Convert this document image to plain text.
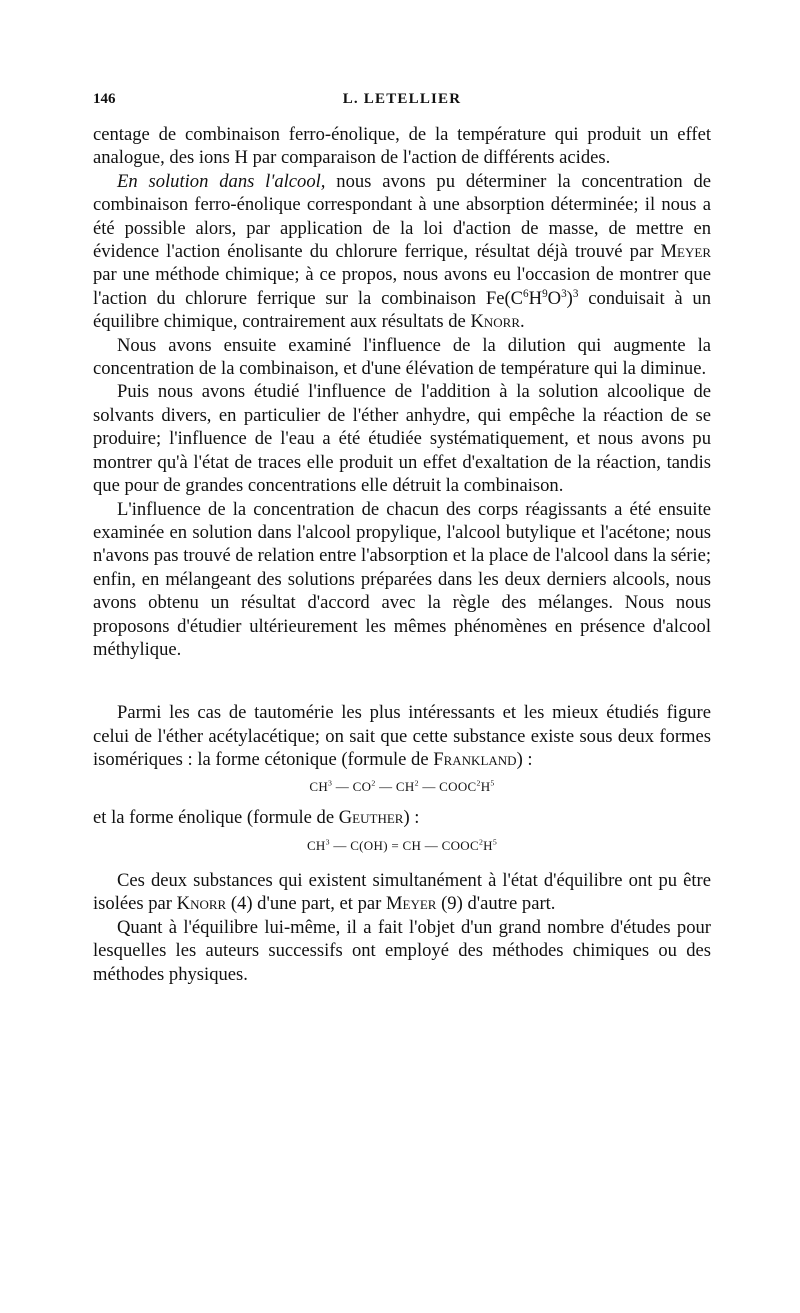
146	L. LETELLIER

centage de combinaison ferro-énolique, de la température qui produit un effet analogue, des ions H par comparaison de l'action de différents acides.

En solution dans l'alcool, nous avons pu déterminer la concentration de combinaison ferro-énolique correspondant à une absorption déterminée; il nous a été possible alors, par application de la loi d'action de masse, de mettre en évidence l'action énolisante du chlorure ferrique, résultat déjà trouvé par Meyer par une méthode chimique; à ce propos, nous avons eu l'occasion de montrer que l'action du chlorure ferrique sur la combinaison $Fe(C^6H^9O^3)^3$ conduisait à un équilibre chimique, contrairement aux résultats de Knorr.

Nous avons ensuite examiné l'influence de la dilution qui augmente la concentration de la combinaison, et d'une élévation de température qui la diminue.

Puis nous avons étudié l'influence de l'addition à la solution alcoolique de solvants divers, en particulier de l'éther anhydre, qui empêche la réaction de se produire; l'influence de l'eau a été étudiée systématiquement, et nous avons pu montrer qu'à l'état de traces elle produit un effet d'exaltation de la réaction, tandis que pour de grandes concentrations elle détruit la combinaison.

L'influence de la concentration de chacun des corps réagissants a été ensuite examinée en solution dans l'alcool propylique, l'alcool butylique et l'acétone; nous n'avons pas trouvé de relation entre l'absorption et la place de l'alcool dans la série; enfin, en mélangeant des solutions préparées dans les deux derniers alcools, nous avons obtenu un résultat d'accord avec la règle des mélanges. Nous nous proposons d'étudier ultérieurement les mêmes phénomènes en présence d'alcool méthylique.

Parmi les cas de tautomérie les plus intéressants et les mieux étudiés figure celui de l'éther acétylacétique; on sait que cette substance existe sous deux formes isomériques : la forme cétonique (formule de Frankland) :

$CH^3$ — $CO^2$ — $CH^2$ — $COOC^2H^5$

et la forme énolique (formule de Geuther) :

$CH^3$ — C(OH) = CH — $COOC^2H^5$

Ces deux substances qui existent simultanément à l'état d'équilibre ont pu être isolées par Knorr (4) d'une part, et par Meyer (9) d'autre part.

Quant à l'équilibre lui-même, il a fait l'objet d'un grand nombre d'études pour lesquelles les auteurs successifs ont employé des méthodes chimiques ou des méthodes physiques.
